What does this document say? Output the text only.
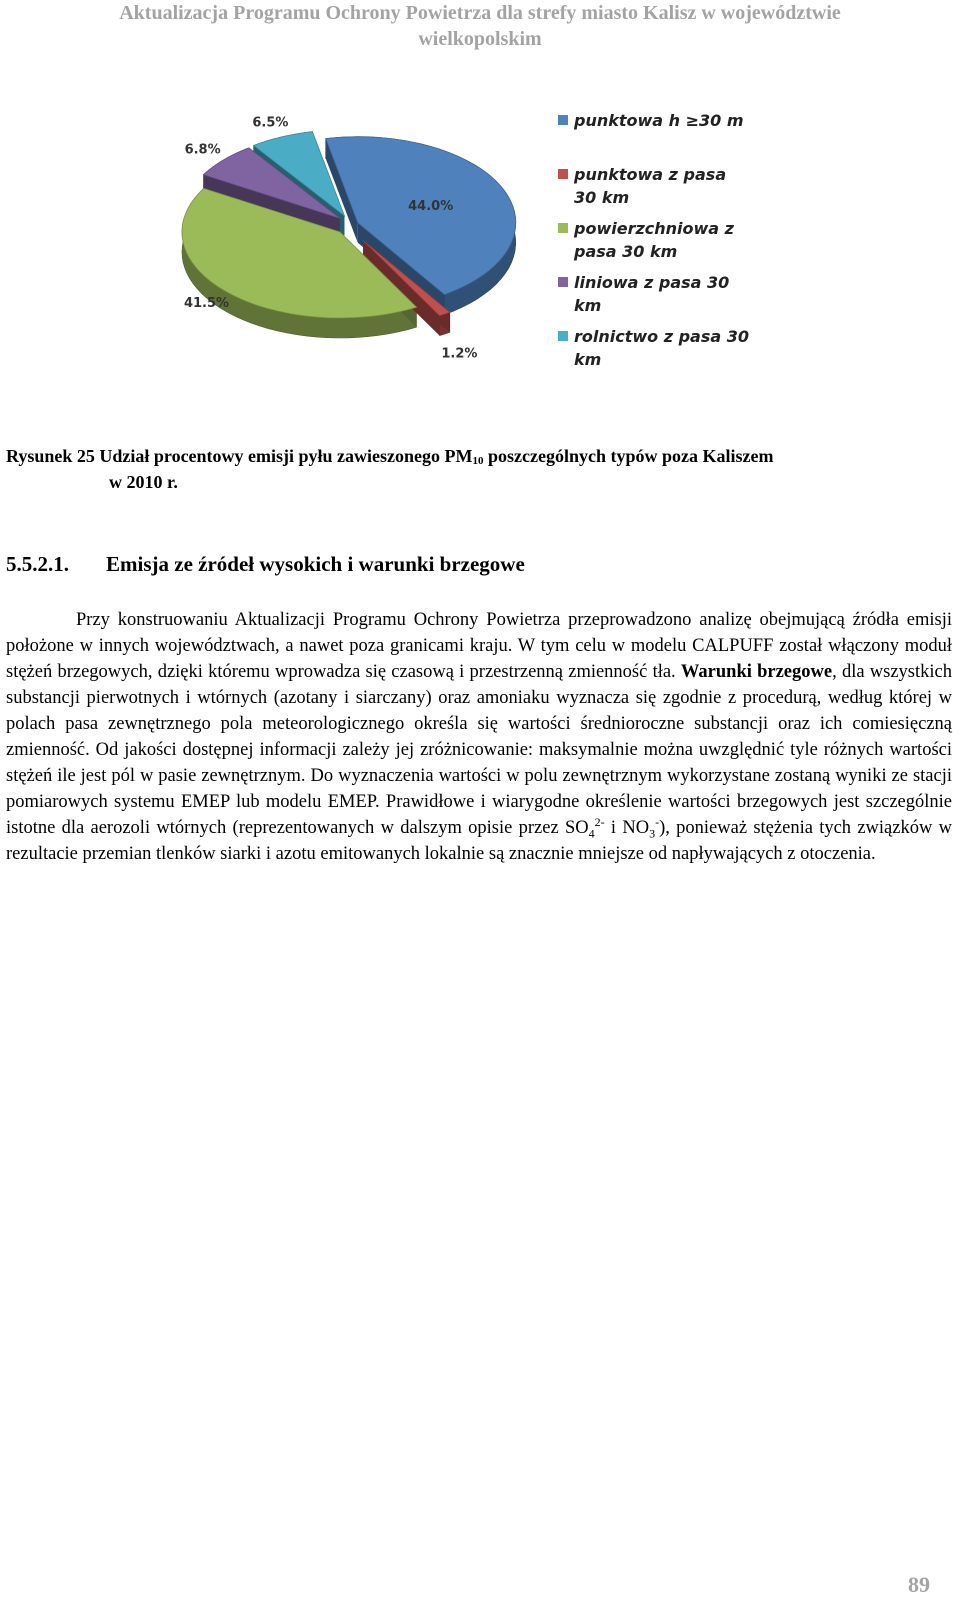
Aktualizacja Programu Ochrony Powietrza dla strefy miasto Kalisz w województwie
wielkopolskim
44.0%
1.2%
41.5%
6.8%
6.5%	punktowa h ≥30 m
punktowa z pasa
30 km
powierzchniowa z
pasa 30 km
liniowa z pasa 30
km
rolnictwo z pasa 30
km
Rysunek 25 Udział procentowy emisji pyłu zawieszonego $PM_{10}$ poszczególnych typów poza Kaliszem
w 2010 r.
5.5.2.1. Emisja ze źródeł wysokich i warunki brzegowe
Przy konstruowaniu Aktualizacji Programu Ochrony Powietrza przeprowadzono analizę obejmującą źródła emisji położone w innych województwach, a nawet poza granicami kraju. W tym celu w modelu CALPUFF został włączony moduł stężeń brzegowych, dzięki któremu wprowadza się czasową i przestrzenną zmienność tła. Warunki brzegowe, dla wszystkich substancji pierwotnych i wtórnych (azotany i siarczany) oraz amoniaku wyznacza się zgodnie z procedurą, według której w polach pasa zewnętrznego pola meteorologicznego określa się wartości średnioroczne substancji oraz ich comiesięczną zmienność. Od jakości dostępnej informacji zależy jej zróżnicowanie: maksymalnie można uwzględnić tyle różnych wartości stężeń ile jest pól w pasie zewnętrznym. Do wyznaczenia wartości w polu zewnętrznym wykorzystane zostaną wyniki ze stacji pomiarowych systemu EMEP lub modelu EMEP. Prawidłowe i wiarygodne określenie wartości brzegowych jest szczególnie istotne dla aerozoli wtórnych (reprezentowanych w dalszym opisie przez $SO_4^{2-}$ i $NO_3^-$), ponieważ stężenia tych związków w rezultacie przemian tlenków siarki i azotu emitowanych lokalnie są znacznie mniejsze od napływających z otoczenia.
89
